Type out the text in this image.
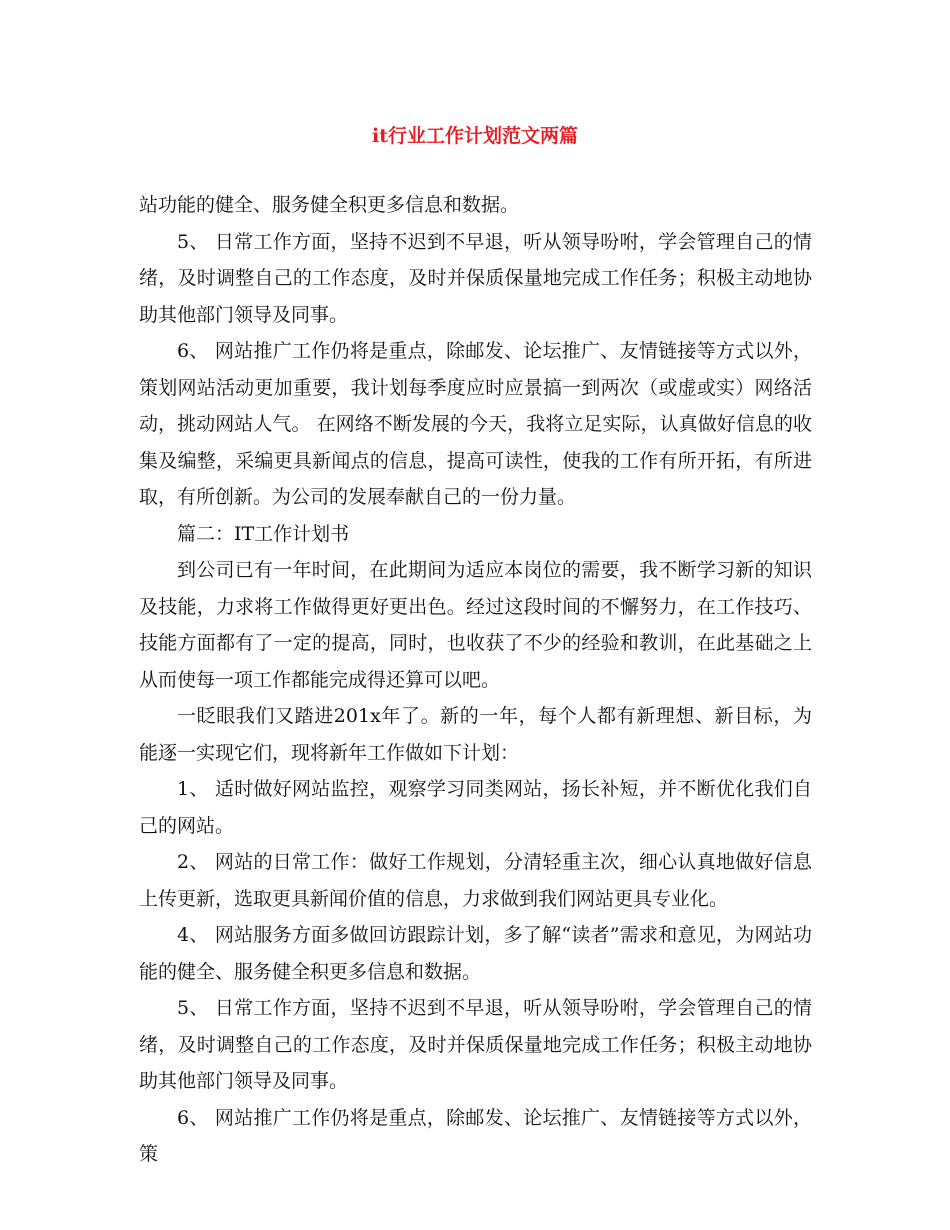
it行业工作计划范文两篇

站功能的健全、服务健全积更多信息和数据。

5、 日常工作方面，坚持不迟到不早退，听从领导吩咐，学会管理自己的情绪，及时调整自己的工作态度，及时并保质保量地完成工作任务；积极主动地协助其他部门领导及同事。

6、 网站推广工作仍将是重点，除邮发、论坛推广、友情链接等方式以外，策划网站活动更加重要，我计划每季度应时应景搞一到两次（或虚或实）网络活动，挑动网站人气。 在网络不断发展的今天，我将立足实际，认真做好信息的收集及编整，采编更具新闻点的信息，提高可读性，使我的工作有所开拓，有所进取，有所创新。为公司的发展奉献自己的一份力量。

篇二：IT工作计划书

到公司已有一年时间，在此期间为适应本岗位的需要，我不断学习新的知识及技能，力求将工作做得更好更出色。经过这段时间的不懈努力，在工作技巧、技能方面都有了一定的提高，同时，也收获了不少的经验和教训，在此基础之上从而使每一项工作都能完成得还算可以吧。

一眨眼我们又踏进201x年了。新的一年，每个人都有新理想、新目标，为能逐一实现它们，现将新年工作做如下计划：

1、 适时做好网站监控，观察学习同类网站，扬长补短，并不断优化我们自己的网站。

2、 网站的日常工作：做好工作规划，分清轻重主次，细心认真地做好信息上传更新，选取更具新闻价值的信息，力求做到我们网站更具专业化。

4、 网站服务方面多做回访跟踪计划，多了解“读者”需求和意见，为网站功能的健全、服务健全积更多信息和数据。

5、 日常工作方面，坚持不迟到不早退，听从领导吩咐，学会管理自己的情绪，及时调整自己的工作态度，及时并保质保量地完成工作任务；积极主动地协助其他部门领导及同事。

6、 网站推广工作仍将是重点，除邮发、论坛推广、友情链接等方式以外，策
